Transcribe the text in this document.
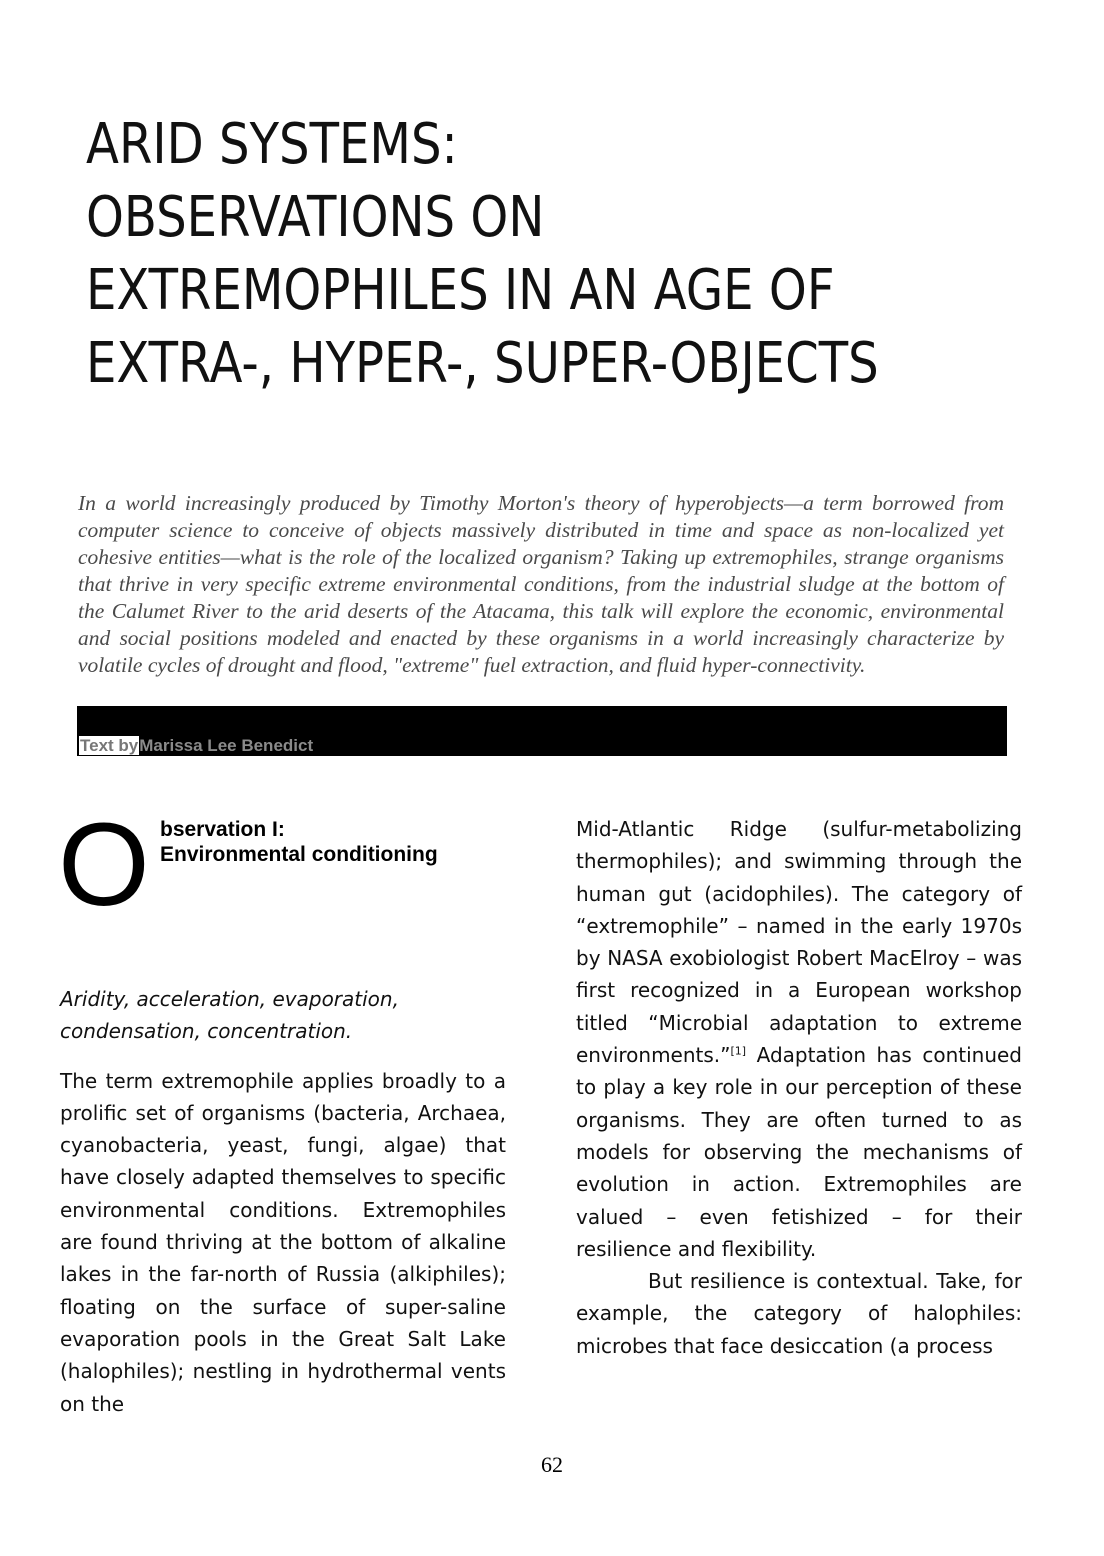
ARID SYSTEMS:
OBSERVATIONS ON
EXTREMOPHILES IN AN AGE OF
EXTRA-, HYPER-, SUPER-OBJECTS

In a world increasingly produced by Timothy Morton's theory of hyperobjects—a term borrowed from computer science to conceive of objects massively distributed in time and space as non-localized yet cohesive entities—what is the role of the localized organism? Taking up extremophiles, strange organisms that thrive in very specific extreme environmental conditions, from the industrial sludge at the bottom of the Calumet River to the arid deserts of the Atacama, this talk will explore the economic, environmental and social positions modeled and enacted by these organisms in a world increasingly characterize by volatile cycles of drought and flood, "extreme" fuel extraction, and fluid hyper-connectivity.

Text byMarissa Lee Benedict
O bservation I:
Environmental conditioning

Aridity, acceleration, evaporation, condensation, concentration.

The term extremophile applies broadly to a prolific set of organisms (bacteria, Archaea, cyanobacteria, yeast, fungi, algae) that have closely adapted themselves to specific environmental conditions. Extremophiles are found thriving at the bottom of alkaline lakes in the far-north of Russia (alkiphiles); floating on the surface of super-saline evaporation pools in the Great Salt Lake (halophiles); nestling in hydrothermal vents on the

Mid-Atlantic Ridge (sulfur-metabolizing thermophiles); and swimming through the human gut (acidophiles). The category of “extremophile” – named in the early 1970s by NASA exobiologist Robert MacElroy – was first recognized in a European workshop titled “Microbial adaptation to extreme environments.”[1] Adaptation has continued to play a key role in our perception of these organisms. They are often turned to as models for observing the mechanisms of evolution in action. Extremophiles are valued – even fetishized – for their resilience and flexibility.

But resilience is contextual. Take, for example, the category of halophiles: microbes that face desiccation (a process

62
